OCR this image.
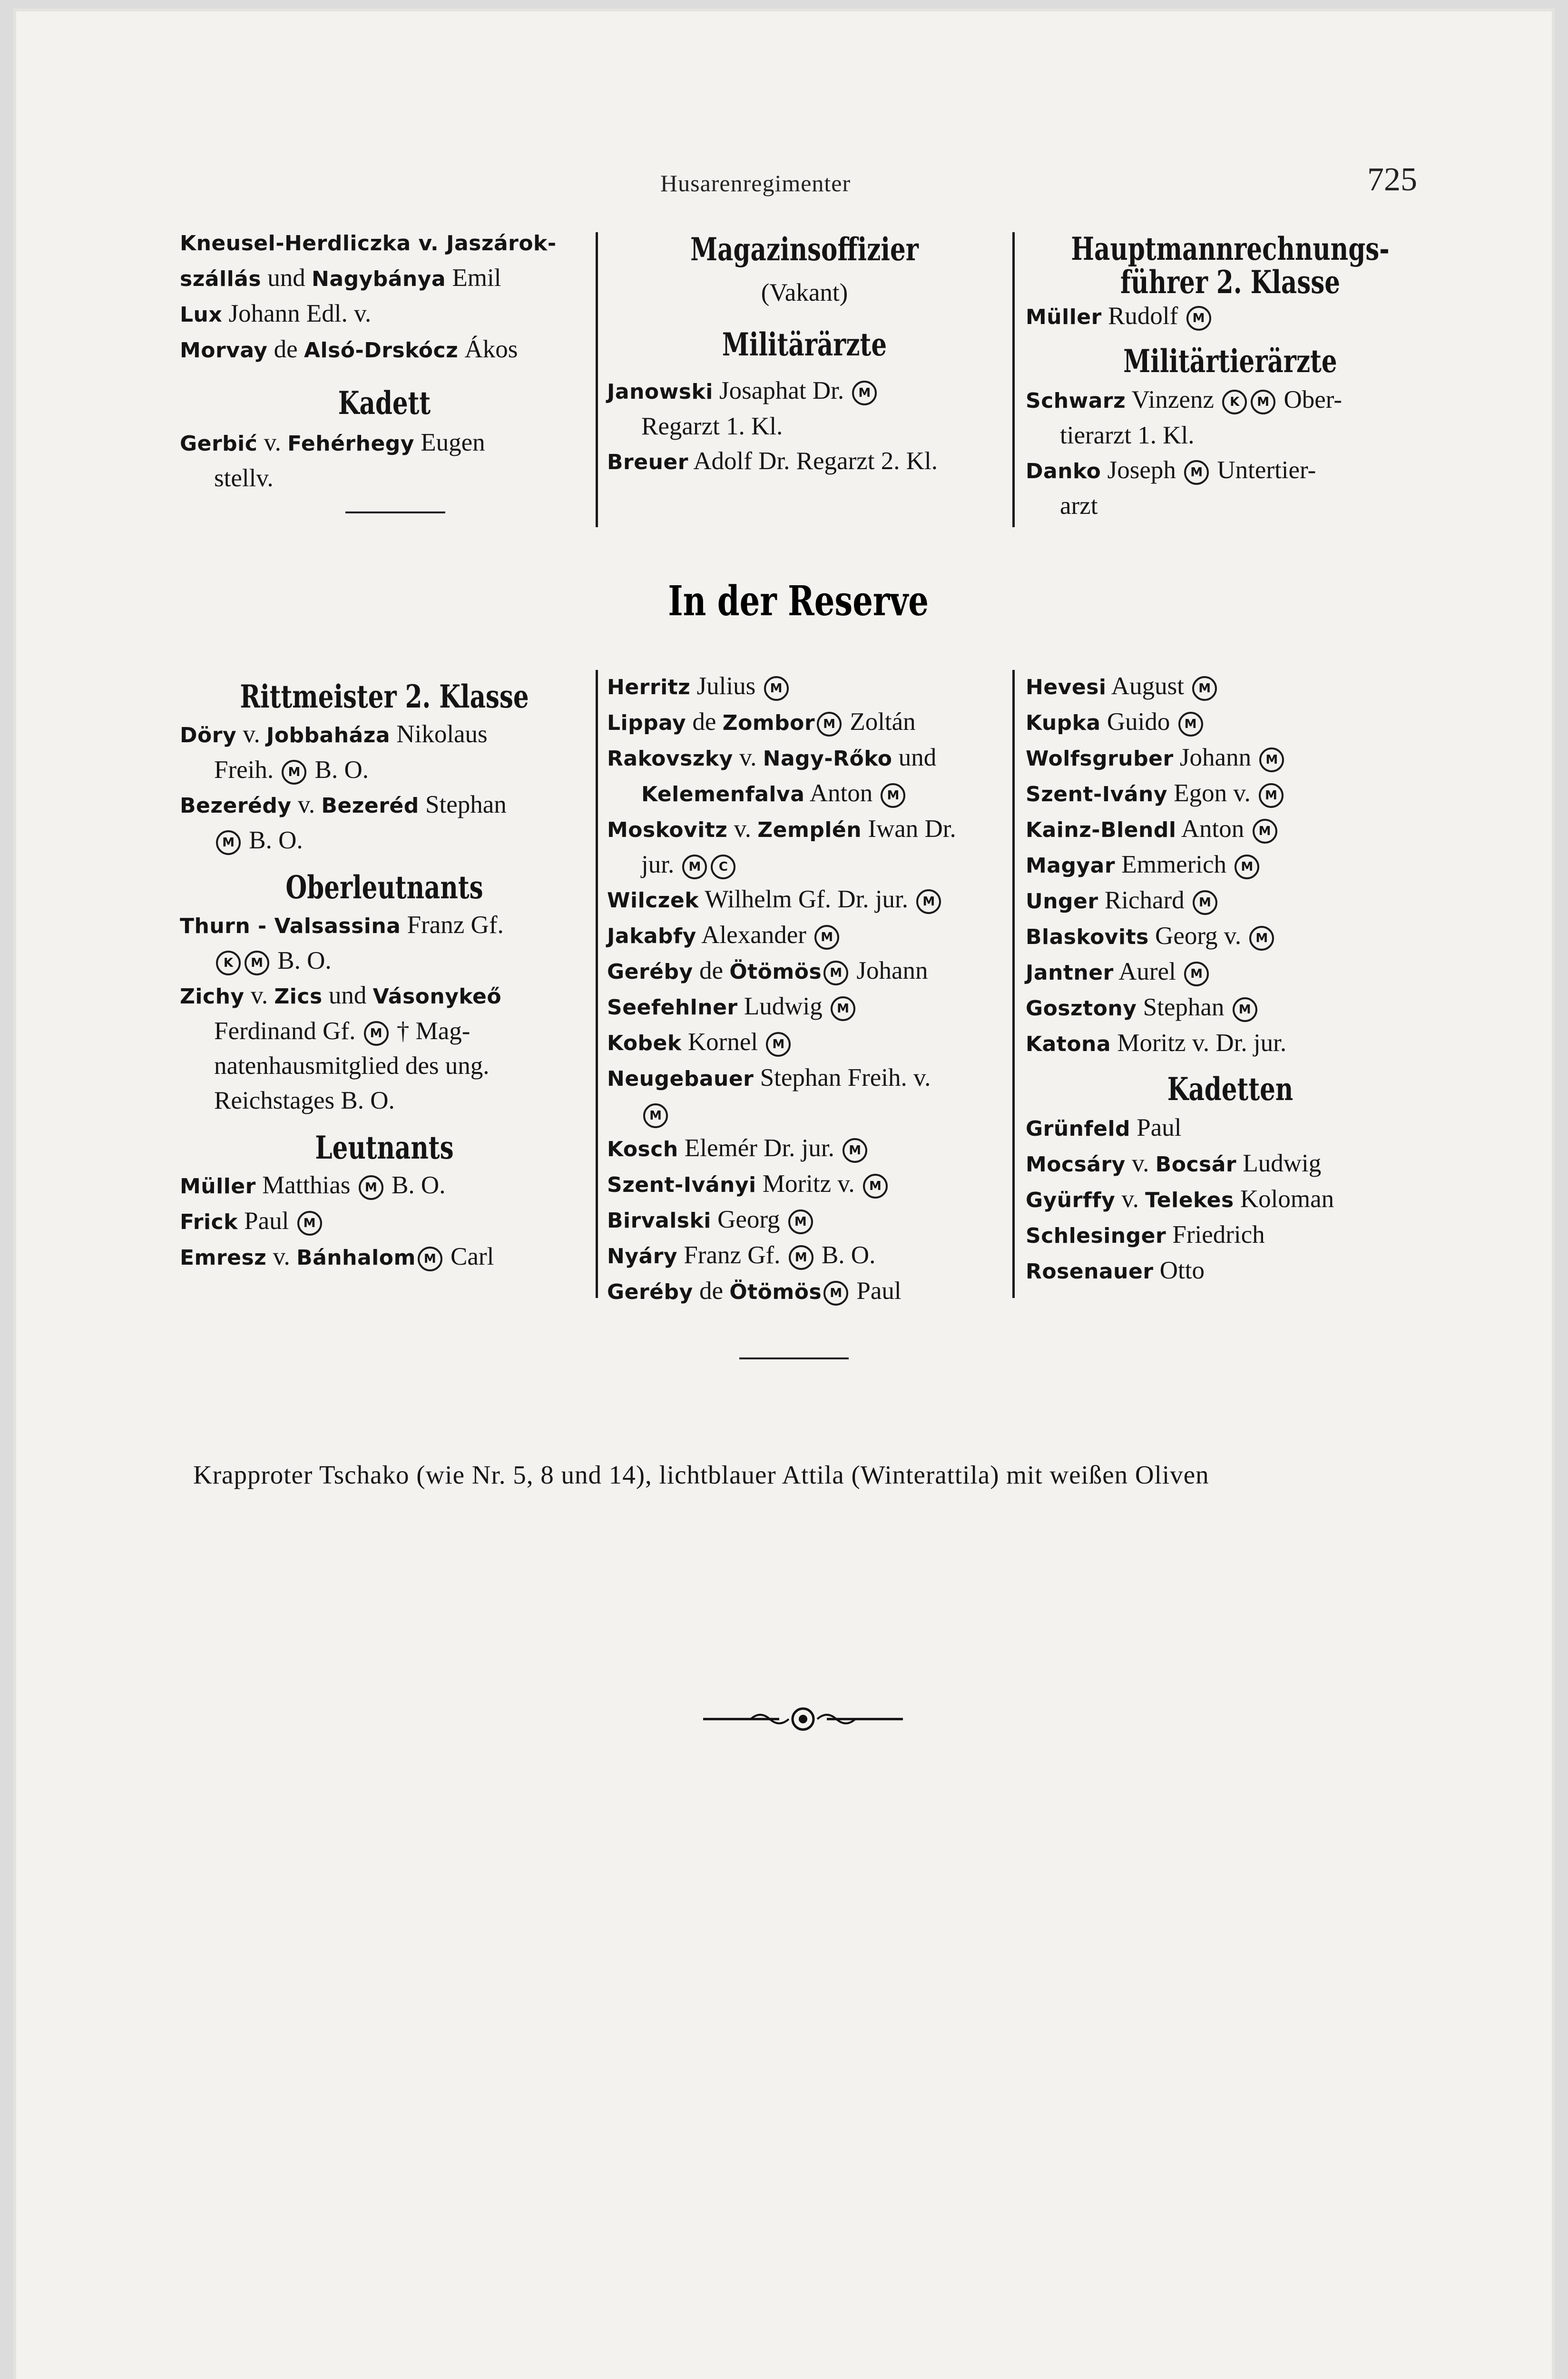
Husarenregimenter	725

Kneusel-Herdliczka v. Jaszárok-

szállás und Nagybánya Emil

Lux Johann Edl. v.

Morvay de Alsó-Drskócz Ákos

Kadett

Gerbić v. Fehérhegy Eugen

stellv.

Magazinsoffizier

(Vakant)

Militärärzte

Janowski Josaphat Dr. M

Regarzt 1. Kl.

Breuer Adolf Dr. Regarzt 2. Kl.

Hauptmannrechnungs-

führer 2. Klasse

Müller Rudolf M

Militärtierärzte

Schwarz Vinzenz K M Ober-

tierarzt 1. Kl.

Danko Joseph M Untertier-

arzt

In der Reserve

Rittmeister 2. Klasse

Döry v. Jobbaháza Nikolaus

Freih. M B. O.

Bezerédy v. Bezeréd Stephan

M B. O.

Oberleutnants

Thurn - Valsassina Franz Gf.

K M B. O.

Zichy v. Zics und Vásonykeő

Ferdinand Gf. M † Mag-

natenhausmitglied des ung.

Reichstages B. O.

Leutnants

Müller Matthias M B. O.

Frick Paul M

Emresz v. Bánhalom M Carl

Herritz Julius M

Lippay de Zombor M Zoltán

Rakovszky v. Nagy-Rőko und

Kelemenfalva Anton M

Moskovitz v. Zemplén Iwan Dr.

jur. M C

Wilczek Wilhelm Gf. Dr. jur. M

Jakabfy Alexander M

Geréby de Ötömös M Johann

Seefehlner Ludwig M

Kobek Kornel M

Neugebauer Stephan Freih. v.

M

Kosch Elemér Dr. jur. M

Szent-Iványi Moritz v. M

Birvalski Georg M

Nyáry Franz Gf. M B. O.

Geréby de Ötömös M Paul

Hevesi August M

Kupka Guido M

Wolfsgruber Johann M

Szent-Ivány Egon v. M

Kainz-Blendl Anton M

Magyar Emmerich M

Unger Richard M

Blaskovits Georg v. M

Jantner Aurel M

Gosztony Stephan M

Katona Moritz v. Dr. jur.

Kadetten

Grünfeld Paul

Mocsáry v. Bocsár Ludwig

Gyürffy v. Telekes Koloman

Schlesinger Friedrich

Rosenauer Otto

Krapproter Tschako (wie Nr. 5, 8 und 14), lichtblauer Attila (Winterattila) mit weißen Oliven
